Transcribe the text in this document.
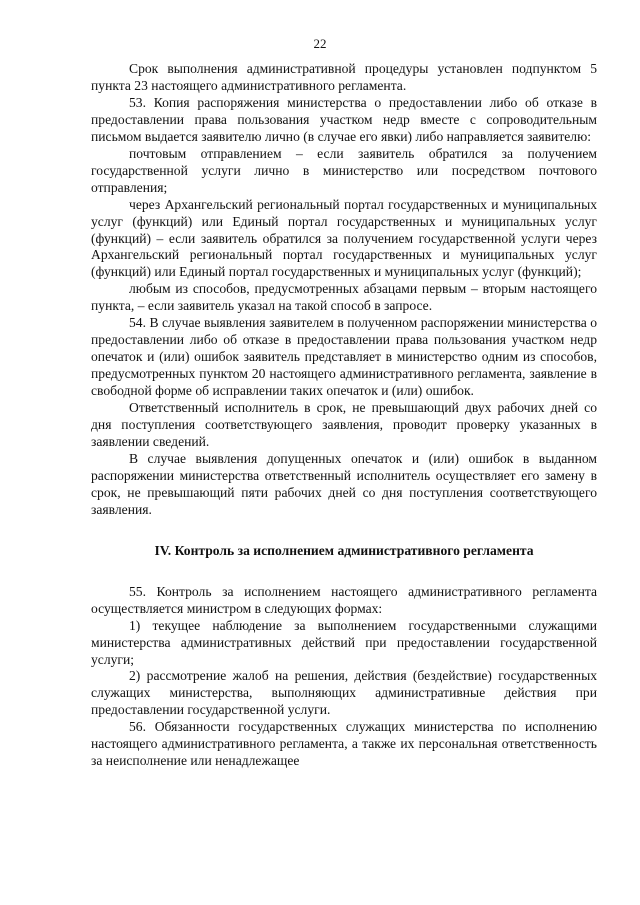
22

Срок выполнения административной процедуры установлен подпунктом 5 пункта 23 настоящего административного регламента.

53. Копия распоряжения министерства о предоставлении либо об отказе в предоставлении права пользования участком недр вместе с сопроводительным письмом выдается заявителю лично (в случае его явки) либо направляется заявителю:

почтовым отправлением – если заявитель обратился за получением государственной услуги лично в министерство или посредством почтового отправления;

через Архангельский региональный портал государственных и муниципальных услуг (функций) или Единый портал государственных и муниципальных услуг (функций) – если заявитель обратился за получением государственной услуги через Архангельский региональный портал государственных и муниципальных услуг (функций) или Единый портал государственных и муниципальных услуг (функций);

любым из способов, предусмотренных абзацами первым – вторым настоящего пункта, – если заявитель указал на такой способ в запросе.

54. В случае выявления заявителем в полученном распоряжении министерства о предоставлении либо об отказе в предоставлении права пользования участком недр опечаток и (или) ошибок заявитель представляет в министерство одним из способов, предусмотренных пунктом 20 настоящего административного регламента, заявление в свободной форме об исправлении таких опечаток и (или) ошибок.

Ответственный исполнитель в срок, не превышающий двух рабочих дней со дня поступления соответствующего заявления, проводит проверку указанных в заявлении сведений.

В случае выявления допущенных опечаток и (или) ошибок в выданном распоряжении министерства ответственный исполнитель осуществляет его замену в срок, не превышающий пяти рабочих дней со дня поступления соответствующего заявления.

IV. Контроль за исполнением административного регламента

55. Контроль за исполнением настоящего административного регламента осуществляется министром в следующих формах:

1) текущее наблюдение за выполнением государственными служащими министерства административных действий при предоставлении государственной услуги;

2) рассмотрение жалоб на решения, действия (бездействие) государственных служащих министерства, выполняющих административные действия при предоставлении государственной услуги.

56. Обязанности государственных служащих министерства по исполнению настоящего административного регламента, а также их персональная ответственность за неисполнение или ненадлежащее
